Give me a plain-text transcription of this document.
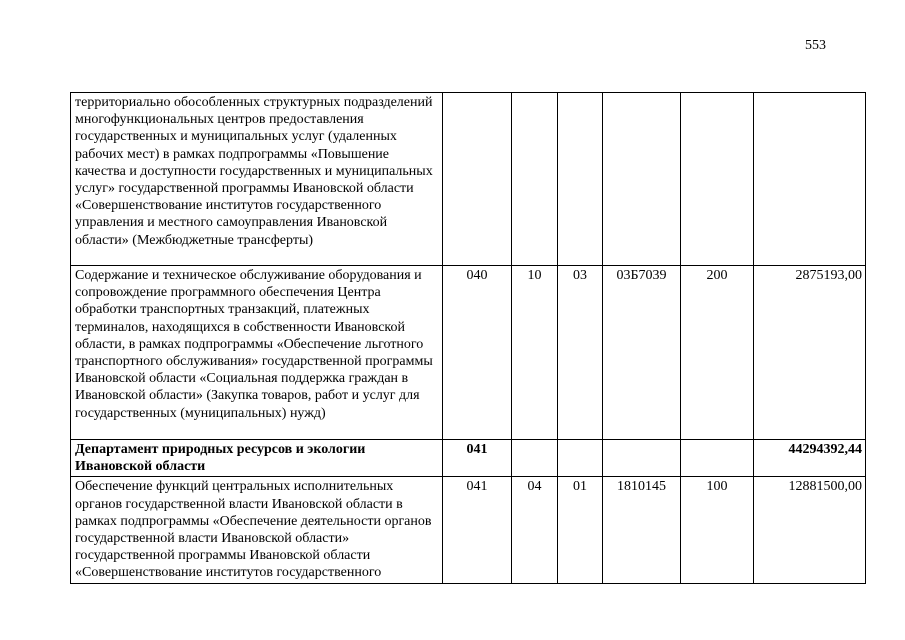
553
территориально обособленных структурных подразделений многофункциональных центров предоставления государственных и муниципальных услуг (удаленных рабочих мест) в рамках подпрограммы «Повышение качества и доступности государственных и муниципальных услуг» государственной программы Ивановской области «Совершенствование институтов государственного управления и местного самоуправления Ивановской области» (Межбюджетные трансферты)						
Содержание и техническое обслуживание оборудования и сопровождение программного обеспечения Центра обработки транспортных транзакций, платежных терминалов, находящихся в собственности Ивановской области, в рамках подпрограммы «Обеспечение льготного транспортного обслуживания» государственной программы Ивановской области «Социальная поддержка граждан в Ивановской области» (Закупка товаров, работ и услуг для государственных (муниципальных) нужд)	040	10	03	03Б7039	200	2875193,00
Департамент природных ресурсов и экологии Ивановской области	041					44294392,44
Обеспечение функций центральных исполнительных органов государственной власти Ивановской области в рамках подпрограммы «Обеспечение деятельности органов государственной власти Ивановской области» государственной программы Ивановской области «Совершенствование институтов государственного	041	04	01	1810145	100	12881500,00
